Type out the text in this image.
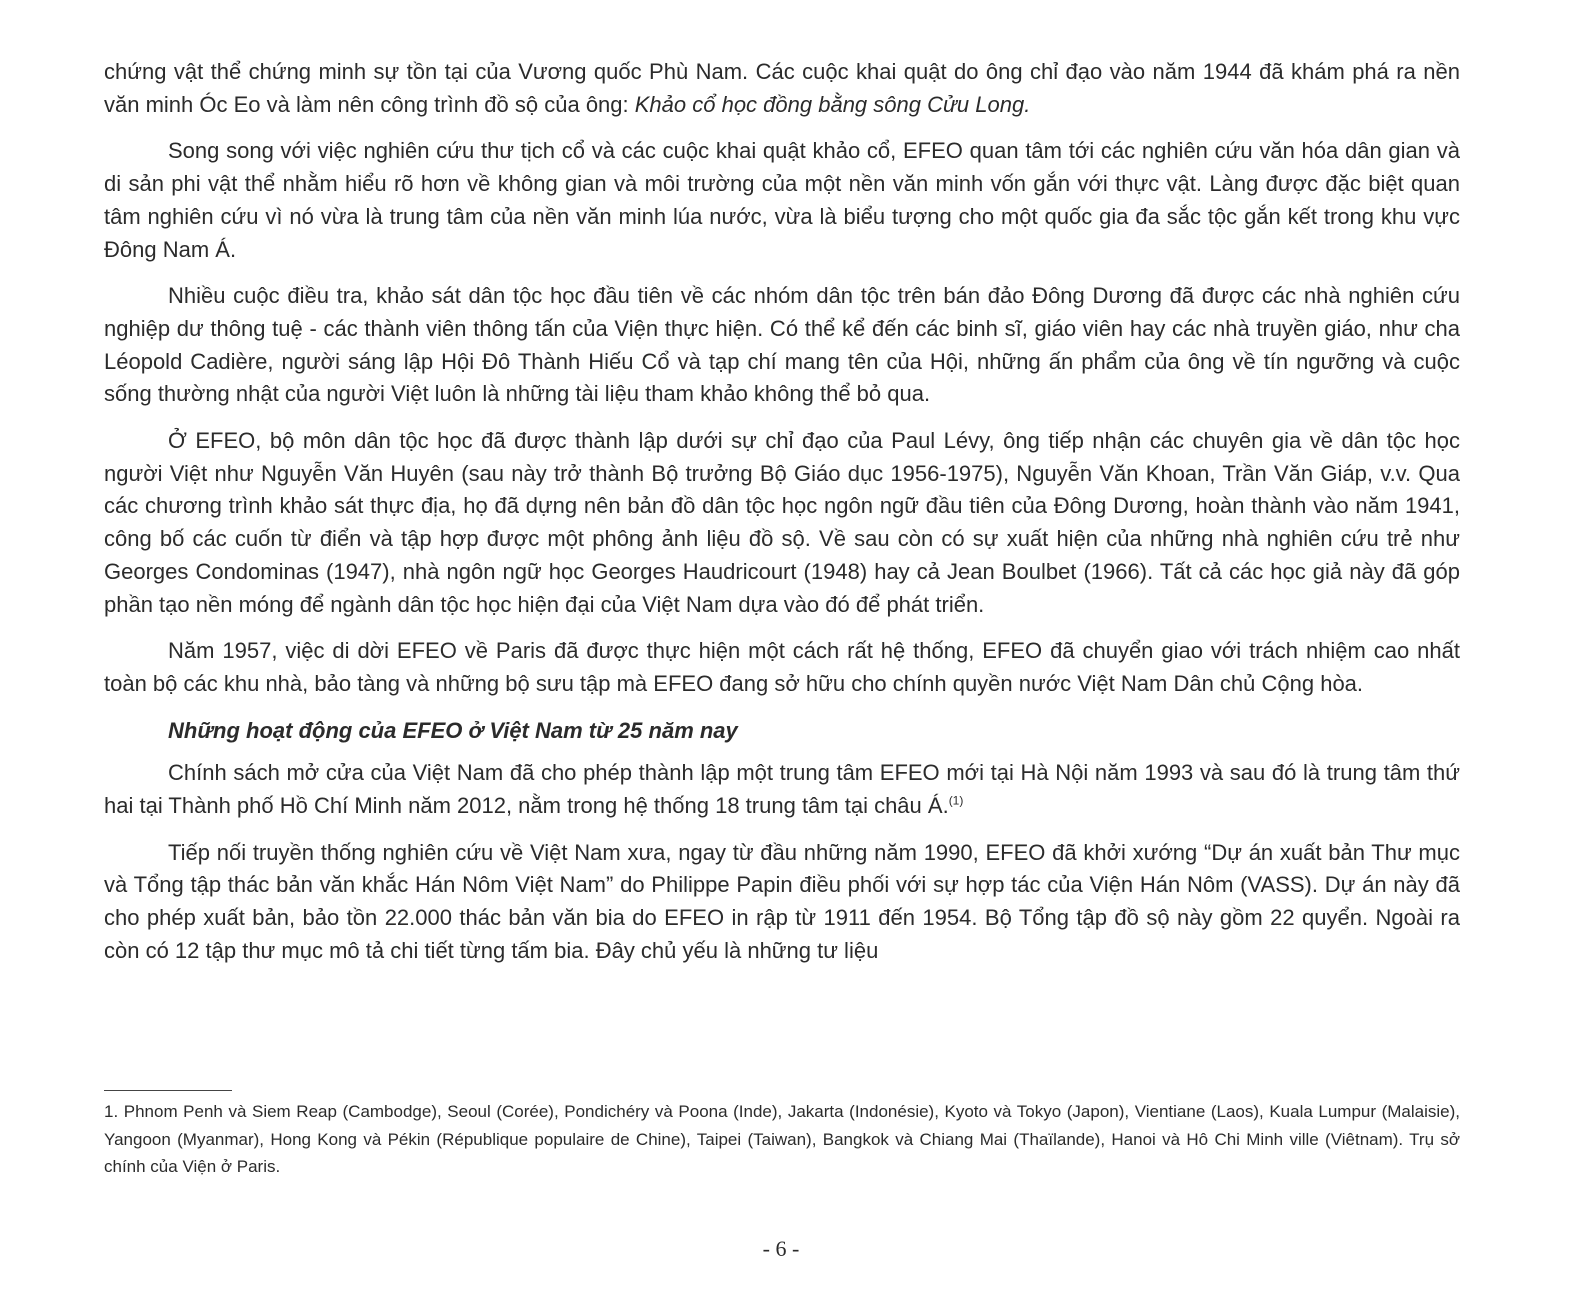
chứng vật thể chứng minh sự tồn tại của Vương quốc Phù Nam. Các cuộc khai quật do ông chỉ đạo vào năm 1944 đã khám phá ra nền văn minh Óc Eo và làm nên công trình đồ sộ của ông: Khảo cổ học đồng bằng sông Cửu Long.

Song song với việc nghiên cứu thư tịch cổ và các cuộc khai quật khảo cổ, EFEO quan tâm tới các nghiên cứu văn hóa dân gian và di sản phi vật thể nhằm hiểu rõ hơn về không gian và môi trường của một nền văn minh vốn gắn với thực vật. Làng được đặc biệt quan tâm nghiên cứu vì nó vừa là trung tâm của nền văn minh lúa nước, vừa là biểu tượng cho một quốc gia đa sắc tộc gắn kết trong khu vực Đông Nam Á.

Nhiều cuộc điều tra, khảo sát dân tộc học đầu tiên về các nhóm dân tộc trên bán đảo Đông Dương đã được các nhà nghiên cứu nghiệp dư thông tuệ - các thành viên thông tấn của Viện thực hiện. Có thể kể đến các binh sĩ, giáo viên hay các nhà truyền giáo, như cha Léopold Cadière, người sáng lập Hội Đô Thành Hiếu Cổ và tạp chí mang tên của Hội, những ấn phẩm của ông về tín ngưỡng và cuộc sống thường nhật của người Việt luôn là những tài liệu tham khảo không thể bỏ qua.

Ở EFEO, bộ môn dân tộc học đã được thành lập dưới sự chỉ đạo của Paul Lévy, ông tiếp nhận các chuyên gia về dân tộc học người Việt như Nguyễn Văn Huyên (sau này trở thành Bộ trưởng Bộ Giáo dục 1956-1975), Nguyễn Văn Khoan, Trần Văn Giáp, v.v. Qua các chương trình khảo sát thực địa, họ đã dựng nên bản đồ dân tộc học ngôn ngữ đầu tiên của Đông Dương, hoàn thành vào năm 1941, công bố các cuốn từ điển và tập hợp được một phông ảnh liệu đồ sộ. Về sau còn có sự xuất hiện của những nhà nghiên cứu trẻ như Georges Condominas (1947), nhà ngôn ngữ học Georges Haudricourt (1948) hay cả Jean Boulbet (1966). Tất cả các học giả này đã góp phần tạo nền móng để ngành dân tộc học hiện đại của Việt Nam dựa vào đó để phát triển.

Năm 1957, việc di dời EFEO về Paris đã được thực hiện một cách rất hệ thống, EFEO đã chuyển giao với trách nhiệm cao nhất toàn bộ các khu nhà, bảo tàng và những bộ sưu tập mà EFEO đang sở hữu cho chính quyền nước Việt Nam Dân chủ Cộng hòa.

Những hoạt động của EFEO ở Việt Nam từ 25 năm nay

Chính sách mở cửa của Việt Nam đã cho phép thành lập một trung tâm EFEO mới tại Hà Nội năm 1993 và sau đó là trung tâm thứ hai tại Thành phố Hồ Chí Minh năm 2012, nằm trong hệ thống 18 trung tâm tại châu Á.$^{(1)}$

Tiếp nối truyền thống nghiên cứu về Việt Nam xưa, ngay từ đầu những năm 1990, EFEO đã khởi xướng “Dự án xuất bản Thư mục và Tổng tập thác bản văn khắc Hán Nôm Việt Nam” do Philippe Papin điều phối với sự hợp tác của Viện Hán Nôm (VASS). Dự án này đã cho phép xuất bản, bảo tồn 22.000 thác bản văn bia do EFEO in rập từ 1911 đến 1954. Bộ Tổng tập đồ sộ này gồm 22 quyển. Ngoài ra còn có 12 tập thư mục mô tả chi tiết từng tấm bia. Đây chủ yếu là những tư liệu

1. Phnom Penh và Siem Reap (Cambodge), Seoul (Corée), Pondichéry và Poona (Inde), Jakarta (Indonésie), Kyoto và Tokyo (Japon), Vientiane (Laos), Kuala Lumpur (Malaisie), Yangoon (Myanmar), Hong Kong và Pékin (République populaire de Chine), Taipei (Taiwan), Bangkok và Chiang Mai (Thaïlande), Hanoi và Hô Chi Minh ville (Viêtnam). Trụ sở chính của Viện ở Paris.

- 6 -
